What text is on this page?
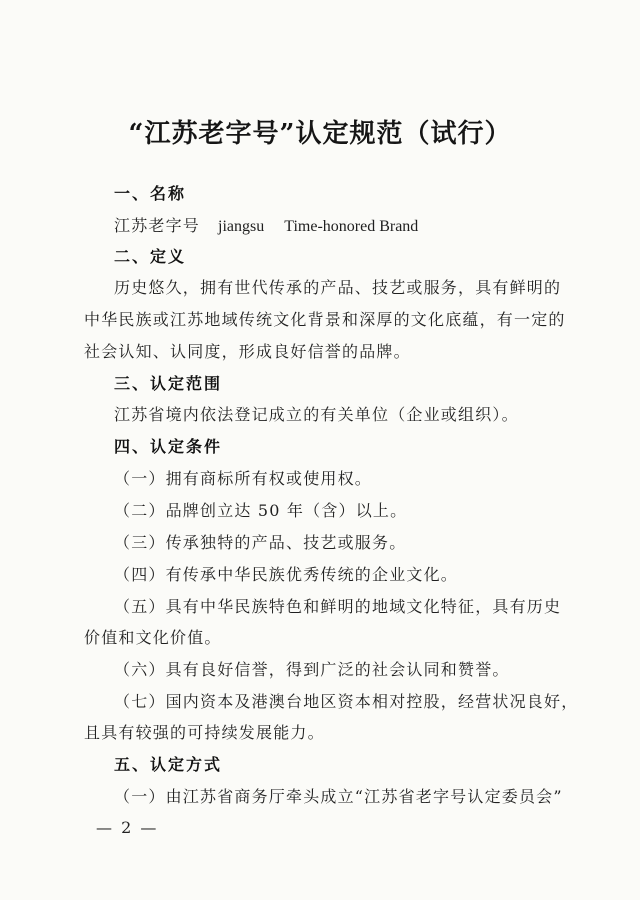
“江苏老字号”认定规范（试行）
一、名称
江苏老字号 jiangsu Time-honored Brand
二、定义
历史悠久，拥有世代传承的产品、技艺或服务，具有鲜明的
中华民族或江苏地域传统文化背景和深厚的文化底蕴，有一定的
社会认知、认同度，形成良好信誉的品牌。
三、认定范围
江苏省境内依法登记成立的有关单位（企业或组织）。
四、认定条件
（一）拥有商标所有权或使用权。
（二）品牌创立达 50 年（含）以上。
（三）传承独特的产品、技艺或服务。
（四）有传承中华民族优秀传统的企业文化。
（五）具有中华民族特色和鲜明的地域文化特征，具有历史
价值和文化价值。
（六）具有良好信誉，得到广泛的社会认同和赞誉。
（七）国内资本及港澳台地区资本相对控股，经营状况良好，
且具有较强的可持续发展能力。
五、认定方式
（一）由江苏省商务厅牵头成立“江苏省老字号认定委员会”
— 2 —
